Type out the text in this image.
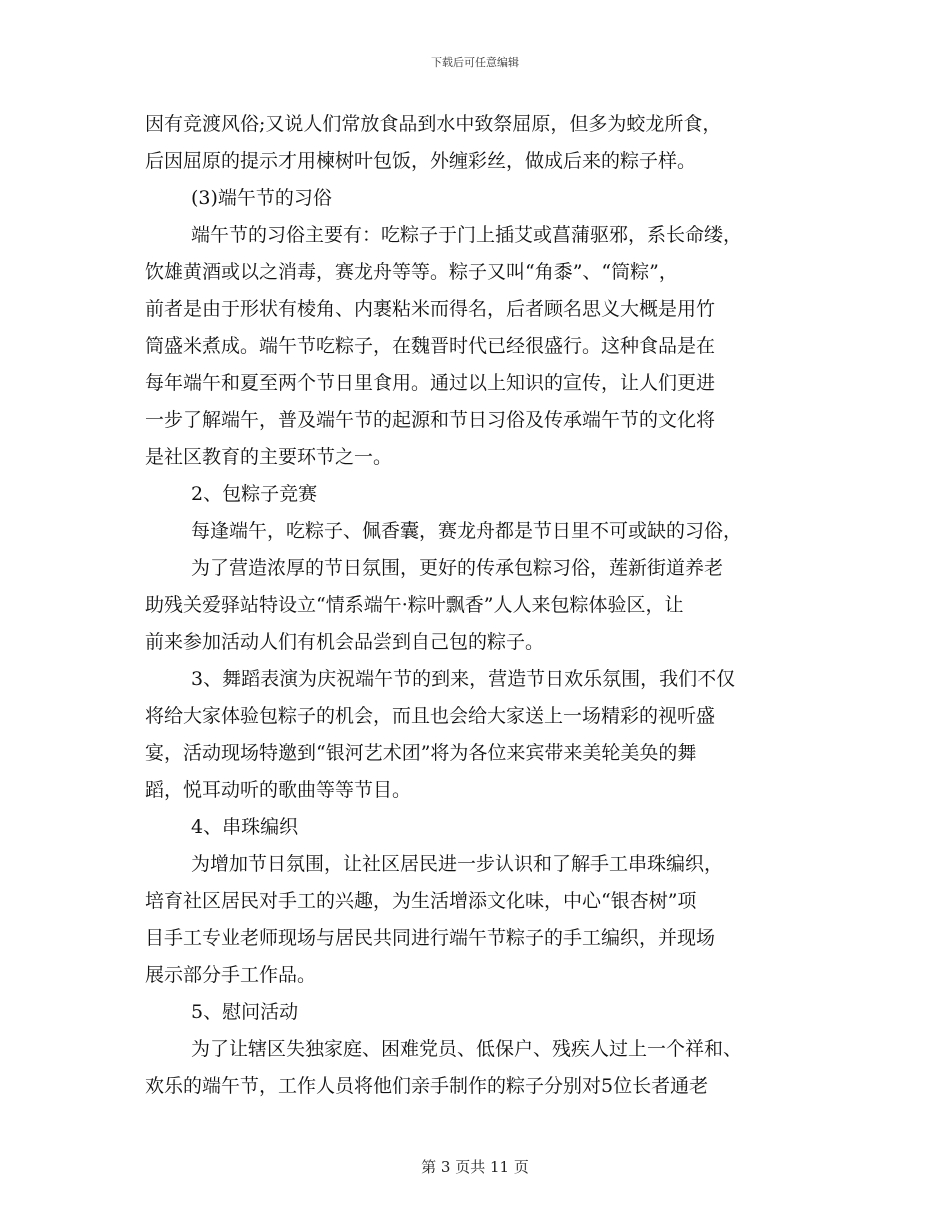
下载后可任意编辑
因有竞渡风俗;又说人们常放食品到水中致祭屈原，但多为蛟龙所食，
后因屈原的提示才用楝树叶包饭，外缠彩丝，做成后来的粽子样。
(3)端午节的习俗
端午节的习俗主要有：吃粽子于门上插艾或菖蒲驱邪，系长命缕，
饮雄黄酒或以之消毒，赛龙舟等等。粽子又叫“角黍”、“筒粽”，
前者是由于形状有棱角、内裹粘米而得名，后者顾名思义大概是用竹
筒盛米煮成。端午节吃粽子，在魏晋时代已经很盛行。这种食品是在
每年端午和夏至两个节日里食用。通过以上知识的宣传，让人们更进
一步了解端午，普及端午节的起源和节日习俗及传承端午节的文化将
是社区教育的主要环节之一。
2、包粽子竞赛
每逢端午，吃粽子、佩香囊，赛龙舟都是节日里不可或缺的习俗，
为了营造浓厚的节日氛围，更好的传承包粽习俗，莲新街道养老
助残关爱驿站特设立“情系端午·粽叶飘香”人人来包粽体验区，让
前来参加活动人们有机会品尝到自己包的粽子。
3、舞蹈表演为庆祝端午节的到来，营造节日欢乐氛围，我们不仅
将给大家体验包粽子的机会，而且也会给大家送上一场精彩的视听盛
宴，活动现场特邀到“银河艺术团”将为各位来宾带来美轮美奂的舞
蹈，悦耳动听的歌曲等等节目。
4、串珠编织
为增加节日氛围，让社区居民进一步认识和了解手工串珠编织，
培育社区居民对手工的兴趣，为生活增添文化味，中心“银杏树”项
目手工专业老师现场与居民共同进行端午节粽子的手工编织，并现场
展示部分手工作品。
5、慰问活动
为了让辖区失独家庭、困难党员、低保户、残疾人过上一个祥和、
欢乐的端午节，工作人员将他们亲手制作的粽子分别对5位长者通老
第 3 页共 11 页
